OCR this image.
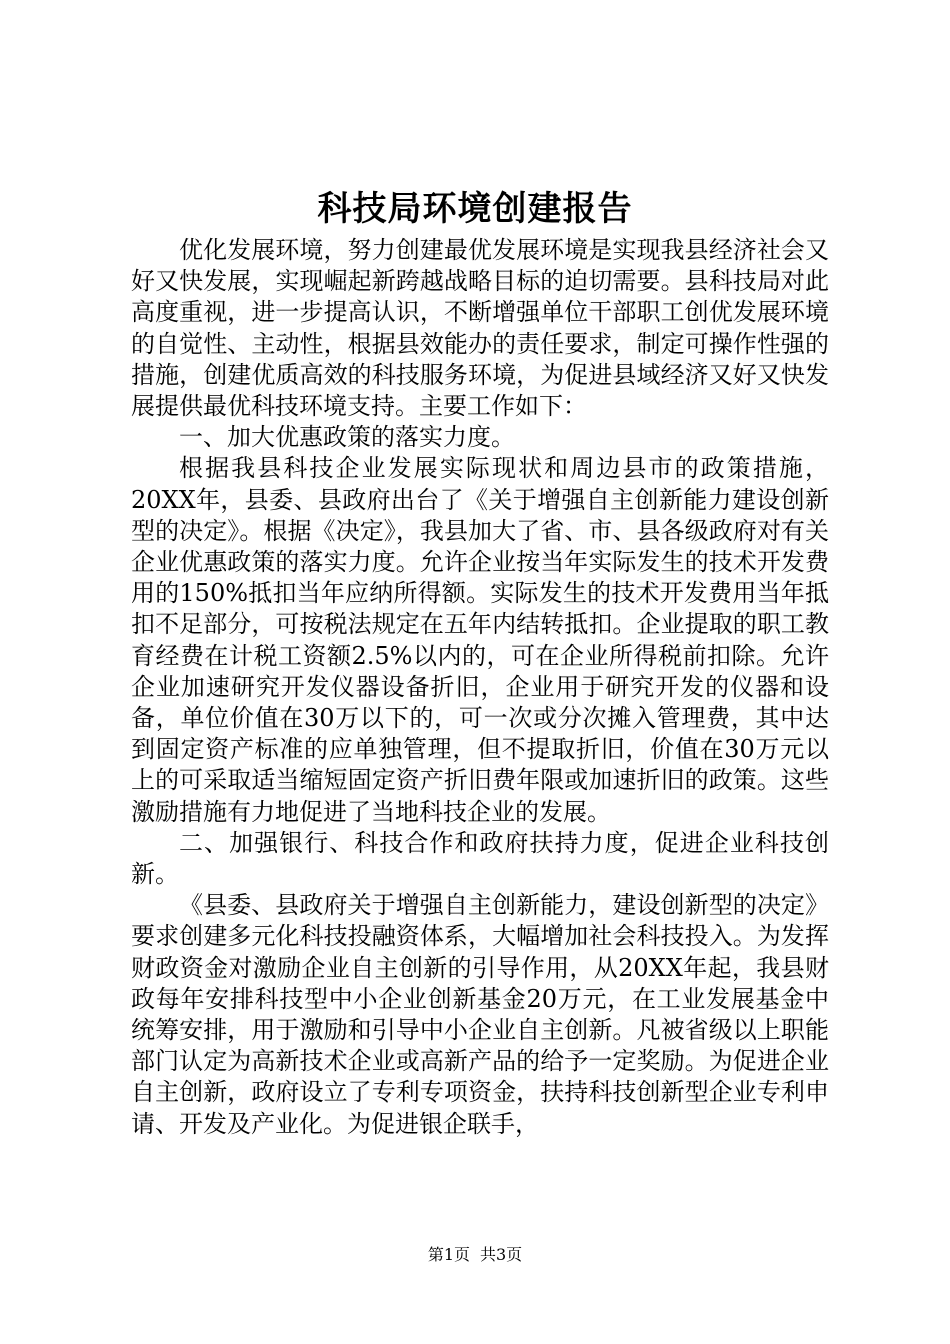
科技局环境创建报告

优化发展环境，努力创建最优发展环境是实现我县经济社会又好又快发展，实现崛起新跨越战略目标的迫切需要。县科技局对此高度重视，进一步提高认识，不断增强单位干部职工创优发展环境的自觉性、主动性，根据县效能办的责任要求，制定可操作性强的措施，创建优质高效的科技服务环境，为促进县域经济又好又快发展提供最优科技环境支持。主要工作如下：

一、加大优惠政策的落实力度。

根据我县科技企业发展实际现状和周边县市的政策措施，20XX年，县委、县政府出台了《关于增强自主创新能力建设创新型的决定》。根据《决定》，我县加大了省、市、县各级政府对有关企业优惠政策的落实力度。允许企业按当年实际发生的技术开发费用的150%抵扣当年应纳所得额。实际发生的技术开发费用当年抵扣不足部分，可按税法规定在五年内结转抵扣。企业提取的职工教育经费在计税工资额2.5%以内的，可在企业所得税前扣除。允许企业加速研究开发仪器设备折旧，企业用于研究开发的仪器和设备，单位价值在30万以下的，可一次或分次摊入管理费，其中达到固定资产标准的应单独管理，但不提取折旧，价值在30万元以上的可采取适当缩短固定资产折旧费年限或加速折旧的政策。这些激励措施有力地促进了当地科技企业的发展。

二、加强银行、科技合作和政府扶持力度，促进企业科技创新。

《县委、县政府关于增强自主创新能力，建设创新型的决定》要求创建多元化科技投融资体系，大幅增加社会科技投入。为发挥财政资金对激励企业自主创新的引导作用，从20XX年起，我县财政每年安排科技型中小企业创新基金20万元，在工业发展基金中统筹安排，用于激励和引导中小企业自主创新。凡被省级以上职能部门认定为高新技术企业或高新产品的给予一定奖励。为促进企业自主创新，政府设立了专利专项资金，扶持科技创新型企业专利申请、开发及产业化。为促进银企联手，

第1页 共3页
